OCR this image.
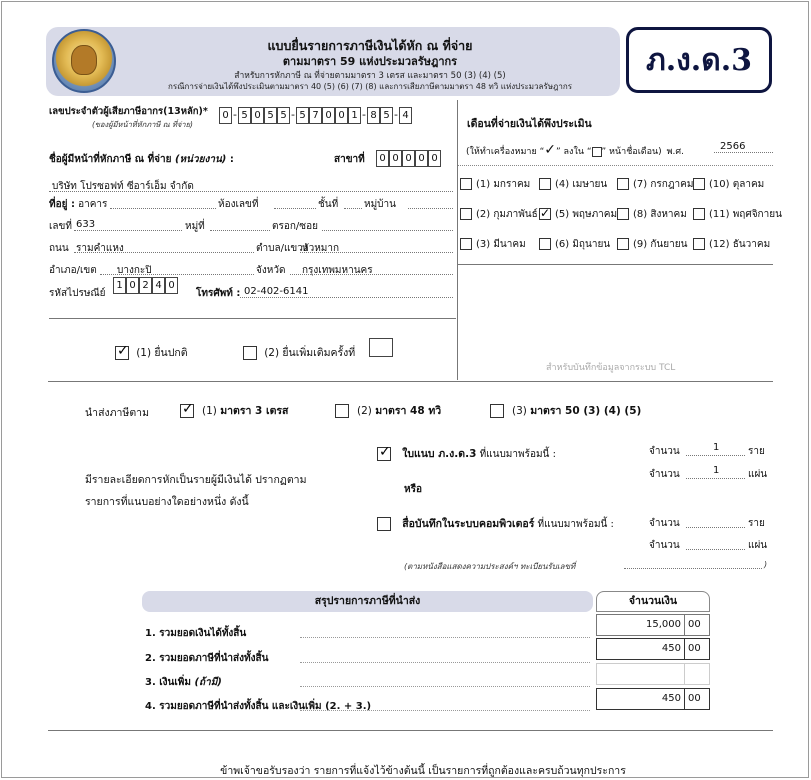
แบบยื่นรายการภาษีเงินได้หัก ณ ที่จ่าย
ตามมาตรา 59 แห่งประมวลรัษฎากร
สำหรับการหักภาษี ณ ที่จ่ายตามมาตรา 3 เตรส และมาตรา 50 (3) (4) (5)
กรณีการจ่ายเงินได้พึงประเมินตามมาตรา 40 (5) (6) (7) (8) และการเสียภาษีตามมาตรา 48 ทวิ แห่งประมวลรัษฎากร
ภ.ง.ด.3
เลขประจำตัวผู้เสียภาษีอากร(13หลัก)*
(ของผู้มีหน้าที่หักภาษี ณ ที่จ่าย)
0 - 5 0 5 5 - 5 7 0 0 1 - 8 5 - 4
ชื่อผู้มีหน้าที่หักภาษี ณ ที่จ่าย (หน่วยงาน) :	สาขาที่	0 0 0 0 0
บริษัท โปรซอฟท์ ซีอาร์เอ็ม จำกัด
ที่อยู่ : อาคาร	ห้องเลขที่	ชั้นที่	หมู่บ้าน
เลขที่ 633	หมู่ที่	ตรอก/ซอย
ถนน รามคำแหง	ตำบล/แขวง
หัวหมาก
อำเภอ/เขต บางกะปิ	จังหวัด กรุงเทพมหานคร
รหัสไปรษณีย์
1 0 2 4 0
โทรศัพท์ : 02-402-6141
✓ (1) ยื่นปกติ	(2) ยื่นเพิ่มเติมครั้งที่
เดือนที่จ่ายเงินได้พึงประเมิน
(ให้ทำเครื่องหมาย “✓” ลงใน “ ” หน้าชื่อเดือน) พ.ศ.	2566
(1) มกราคม	(4) เมษายน	(7) กรกฎาคม	(10) ตุลาคม
(2) กุมภาพันธ์ ✓	(5) พฤษภาคม	(8) สิงหาคม	(11) พฤศจิกายน
(3) มีนาคม	(6) มิถุนายน	(9) กันยายน	(12) ธันวาคม
สำหรับบันทึกข้อมูลจากระบบ TCL
นำส่งภาษีตาม ✓	(1) มาตรา 3 เตรส	(2) มาตรา 48 ทวิ	(3) มาตรา 50 (3) (4) (5)
มีรายละเอียดการหักเป็นรายผู้มีเงินได้ ปรากฏตาม
รายการที่แนบอย่างใดอย่างหนึ่ง ดังนี้
✓ ใบแนบ ภ.ง.ด.3 ที่แนบมาพร้อมนี้ :	จำนวน	1	ราย
จำนวน	1	แผ่น
หรือ
สื่อบันทึกในระบบคอมพิวเตอร์ ที่แนบมาพร้อมนี้ :	จำนวน	ราย
จำนวน	แผ่น
(ตามหนังสือแสดงความประสงค์ฯ ทะเบียนรับเลขที่	)
สรุปรายการภาษีที่นำส่ง	จำนวนเงิน
1. รวมยอดเงินได้ทั้งสิ้น
15,000 00
2. รวมยอดภาษีที่นำส่งทั้งสิ้น
450 00
3. เงินเพิ่ม (ถ้ามี)
4. รวมยอดภาษีที่นำส่งทั้งสิ้น และเงินเพิ่ม (2. + 3.)
450 00
ข้าพเจ้าขอรับรองว่า รายการที่แจ้งไว้ข้างต้นนี้ เป็นรายการที่ถูกต้องและครบถ้วนทุกประการ
